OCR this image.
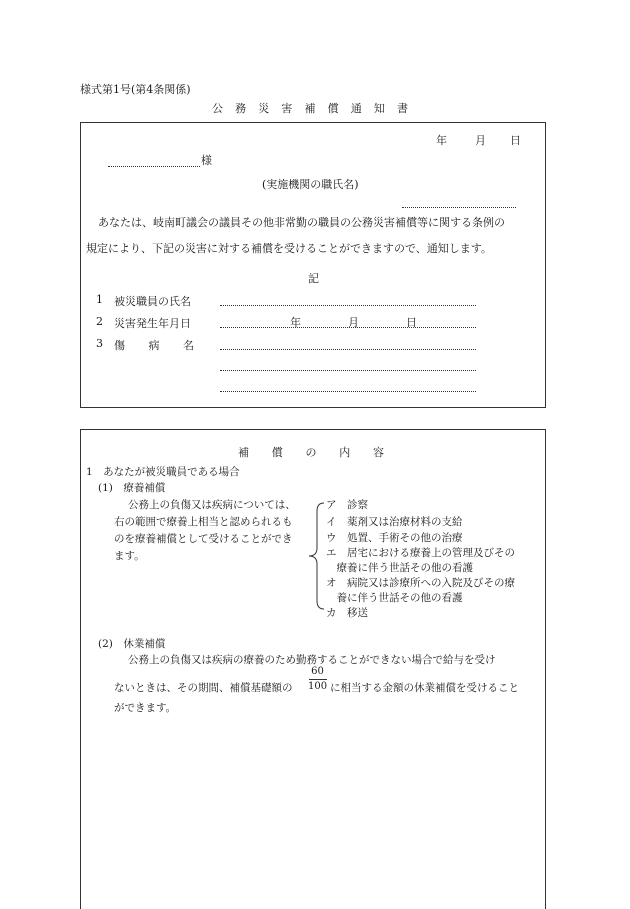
様式第1号(第4条関係)
公 務 災 害 補 償 通 知 書
年	月 日
様
(実施機関の職氏名)
あなたは、岐南町議会の議員その他非常勤の職員の公務災害補償等に関する条例の
規定により、下記の災害に対する補償を受けることができますので、通知します。
記
1 被災職員の氏名
2 災害発生年月日	年	月	日
3 傷 病 名
補 償 の 内 容
1　あなたが被災職員である場合
(1)　療養補償
公務上の負傷又は疾病については、
右の範囲で療養上相当と認められるも
のを療養補償として受けることができ
ます。
ア　診察
イ　薬剤又は治療材料の支給
ウ　処置、手術その他の治療
エ　居宅における療養上の管理及びその
　療養に伴う世話その他の看護
オ　病院又は診療所への入院及びその療
　養に伴う世話その他の看護
カ　移送
(2)　休業補償
公務上の負傷又は疾病の療養のため勤務することができない場合で給与を受け
ないときは、その期間、補償基礎額の
60
100 に相当する金額の休業補償を受けること
ができます。
